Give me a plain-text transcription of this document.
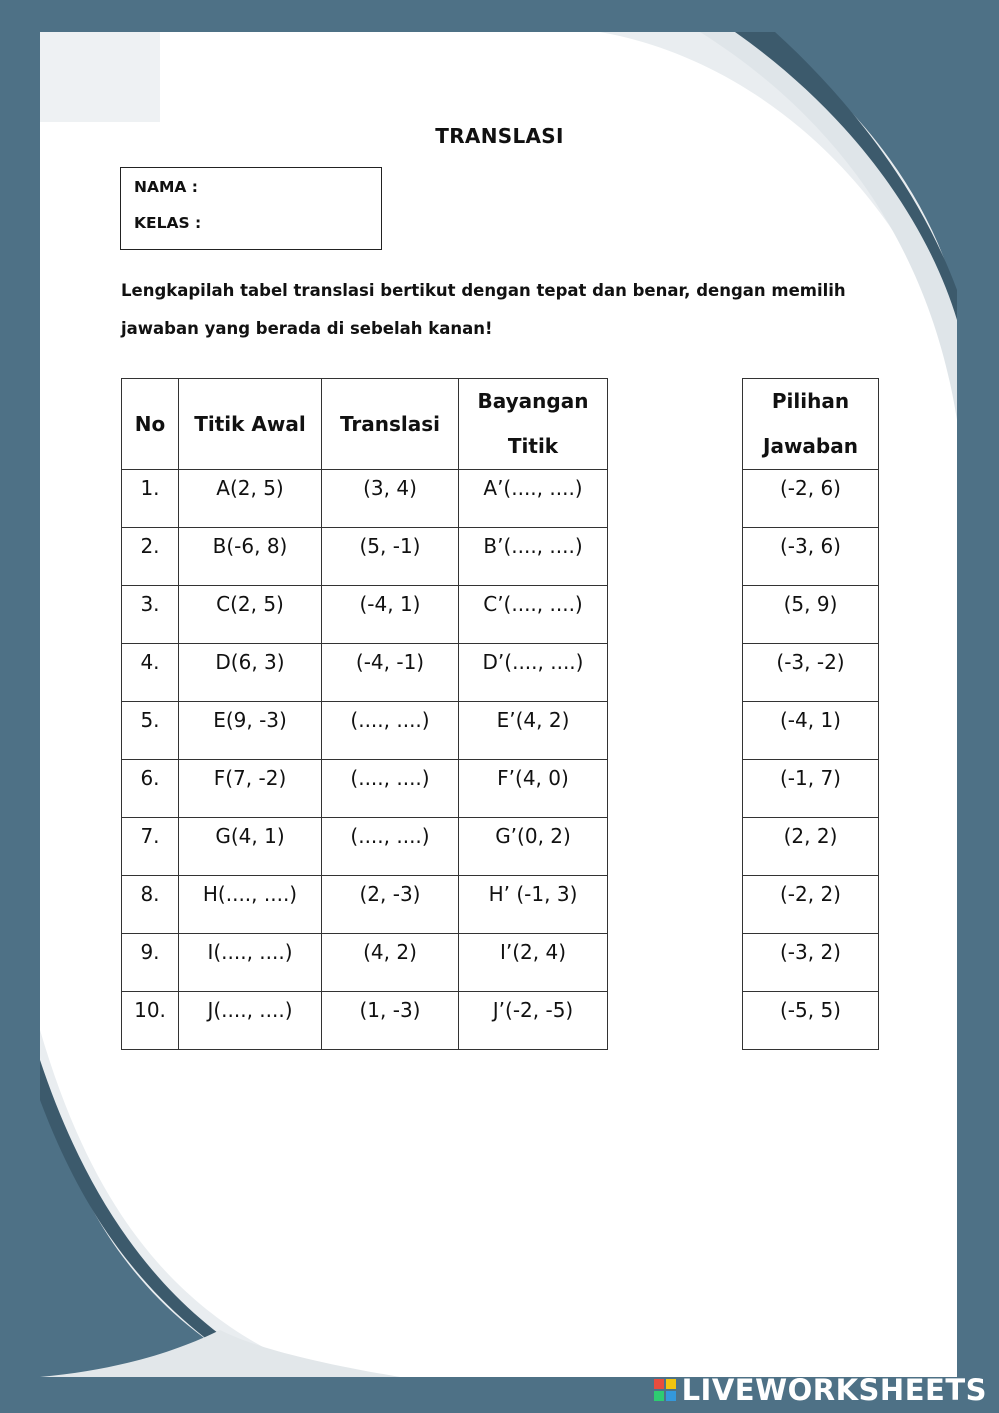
TRANSLASI
NAMA :
KELAS :
Lengkapilah tabel translasi bertikut dengan tepat dan benar, dengan memilih jawaban yang berada di sebelah kanan!
No	Titik Awal	Translasi	Bayangan
Titik

1.	A(2, 5)	(3, 4)	A’(...., ....)
2.	B(-6, 8)	(5, -1)	B’(...., ....)
3.	C(2, 5)	(-4, 1)	C’(...., ....)
4.	D(6, 3)	(-4, -1)	D’(...., ....)
5.	E(9, -3)	(...., ....)	E’(4, 2)
6.	F(7, -2)	(...., ....)	F’(4, 0)
7.	G(4, 1)	(...., ....)	G’(0, 2)
8.	H(...., ....)	(2, -3)	H’ (-1, 3)
9.	I(...., ....)	(4, 2)	I’(2, 4)
10.	J(...., ....)	(1, -3)	J’(-2, -5)
Pilihan
Jawaban

(-2, 6)
(-3, 6)
(5, 9)
(-3, -2)
(-4, 1)
(-1, 7)
(2, 2)
(-2, 2)
(-3, 2)
(-5, 5)
LIVEWORKSHEETS
